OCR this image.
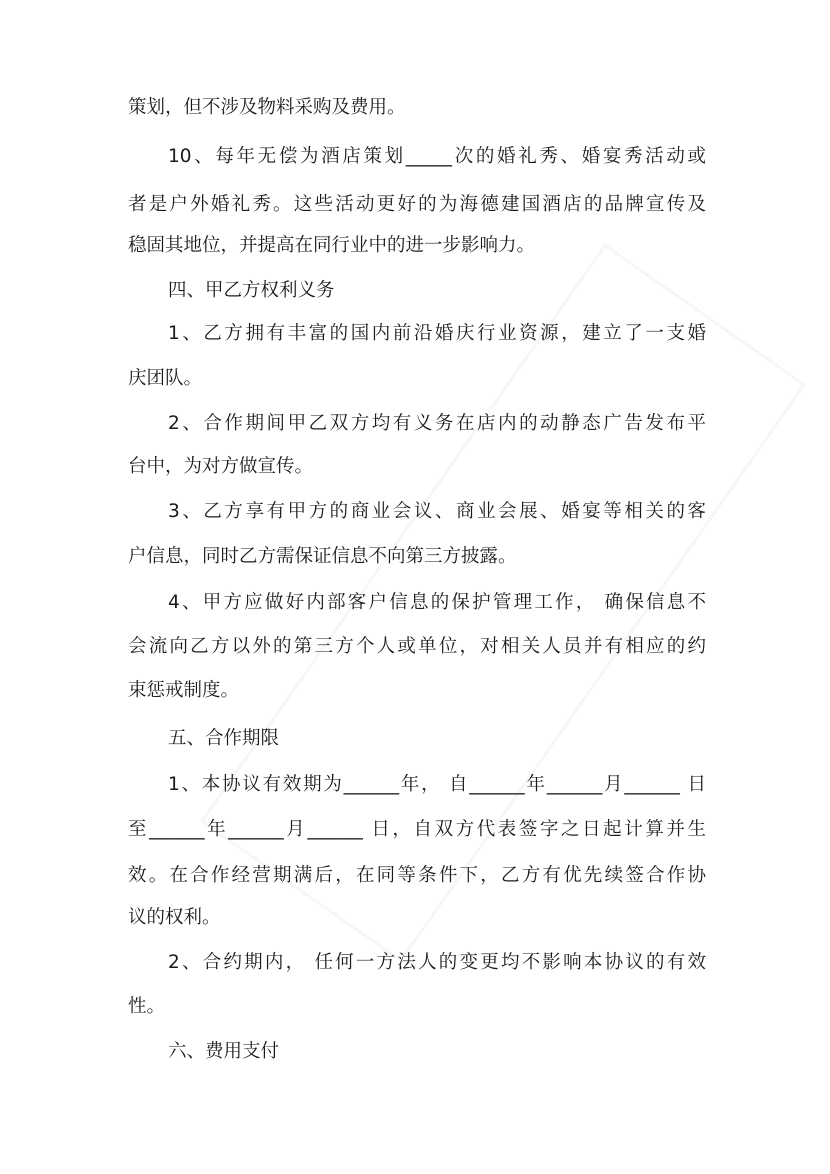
策划，但不涉及物料采购及费用。
10、每年无偿为酒店策划_____次的婚礼秀、婚宴秀活动或
者是户外婚礼秀。这些活动更好的为海德建国酒店的品牌宣传及
稳固其地位，并提高在同行业中的进一步影响力。
四、甲乙方权利义务
1、乙方拥有丰富的国内前沿婚庆行业资源，建立了一支婚
庆团队。
2、合作期间甲乙双方均有义务在店内的动静态广告发布平
台中，为对方做宣传。
3、乙方享有甲方的商业会议、商业会展、婚宴等相关的客
户信息，同时乙方需保证信息不向第三方披露。
4、甲方应做好内部客户信息的保护管理工作， 确保信息不
会流向乙方以外的第三方个人或单位，对相关人员并有相应的约
束惩戒制度。
五、合作期限
1、本协议有效期为______年， 自______年______月______ 日
至______年______月______ 日，自双方代表签字之日起计算并生
效。在合作经营期满后，在同等条件下，乙方有优先续签合作协
议的权利。
2、合约期内， 任何一方法人的变更均不影响本协议的有效
性。
六、费用支付
